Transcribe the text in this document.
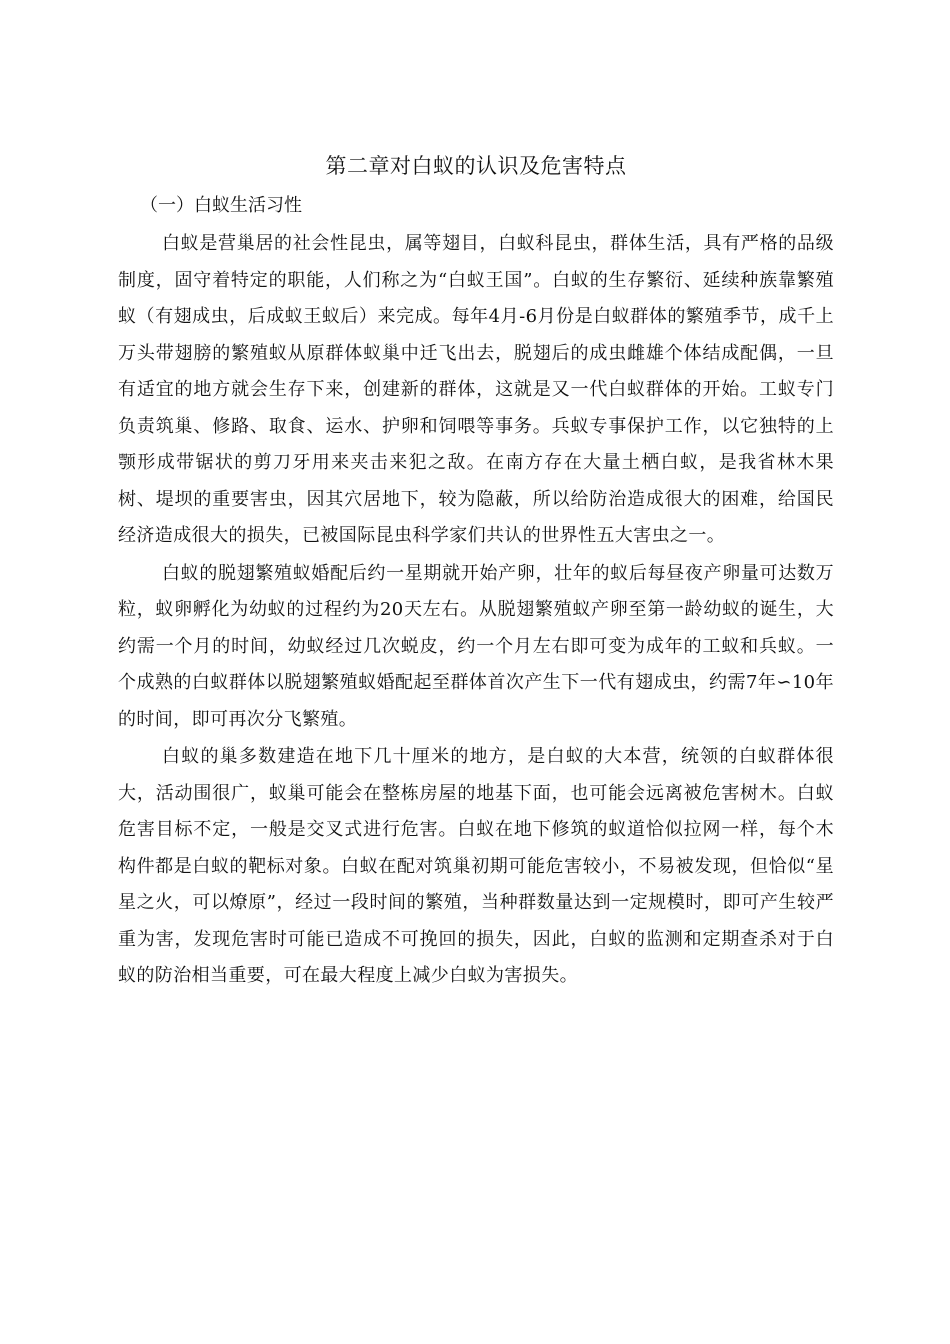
第二章对白蚁的认识及危害特点
（一）白蚁生活习性

白蚁是营巢居的社会性昆虫，属等翅目，白蚁科昆虫，群体生活，具有严格的品级制度，固守着特定的职能，人们称之为“白蚁王国”。白蚁的生存繁衍、延续种族靠繁殖蚁（有翅成虫，后成蚁王蚁后）来完成。每年4月-6月份是白蚁群体的繁殖季节，成千上万头带翅膀的繁殖蚁从原群体蚁巢中迁飞出去，脱翅后的成虫雌雄个体结成配偶，一旦有适宜的地方就会生存下来，创建新的群体，这就是又一代白蚁群体的开始。工蚁专门负责筑巢、修路、取食、运水、护卵和饲喂等事务。兵蚁专事保护工作，以它独特的上颚形成带锯状的剪刀牙用来夹击来犯之敌。在南方存在大量土栖白蚁，是我省林木果树、堤坝的重要害虫，因其穴居地下，较为隐蔽，所以给防治造成很大的困难，给国民经济造成很大的损失，已被国际昆虫科学家们共认的世界性五大害虫之一。

白蚁的脱翅繁殖蚁婚配后约一星期就开始产卵，壮年的蚁后每昼夜产卵量可达数万粒，蚁卵孵化为幼蚁的过程约为20天左右。从脱翅繁殖蚁产卵至第一龄幼蚁的诞生，大约需一个月的时间，幼蚁经过几次蜕皮，约一个月左右即可变为成年的工蚁和兵蚁。一个成熟的白蚁群体以脱翅繁殖蚁婚配起至群体首次产生下一代有翅成虫，约需7年∽10年的时间，即可再次分飞繁殖。

白蚁的巢多数建造在地下几十厘米的地方，是白蚁的大本营，统领的白蚁群体很大，活动围很广，蚁巢可能会在整栋房屋的地基下面，也可能会远离被危害树木。白蚁危害目标不定，一般是交叉式进行危害。白蚁在地下修筑的蚁道恰似拉网一样，每个木构件都是白蚁的靶标对象。白蚁在配对筑巢初期可能危害较小，不易被发现，但恰似“星星之火，可以燎原”，经过一段时间的繁殖，当种群数量达到一定规模时，即可产生较严重为害，发现危害时可能已造成不可挽回的损失，因此，白蚁的监测和定期查杀对于白蚁的防治相当重要，可在最大程度上减少白蚁为害损失。
